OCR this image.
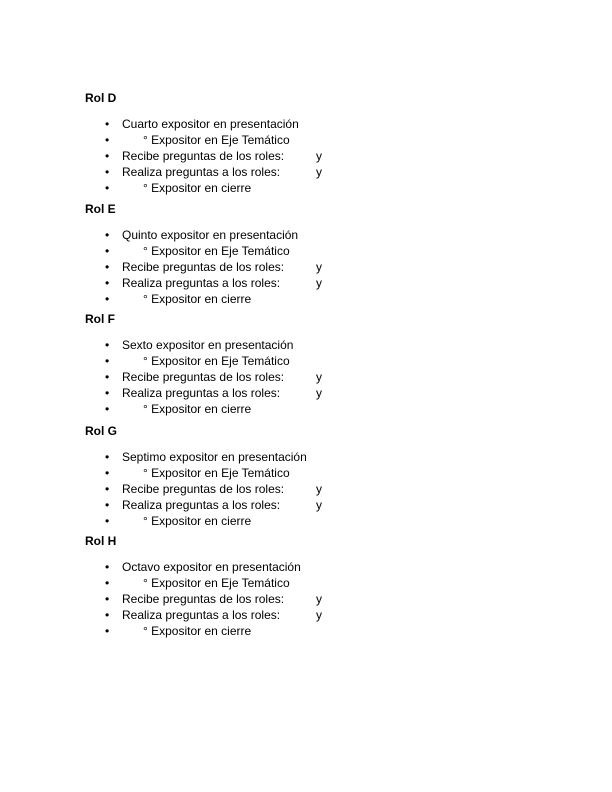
Rol D
• Cuarto expositor en presentación
•	° Expositor en Eje Temático
• Recibe preguntas de los roles:	y
• Realiza preguntas a los roles:	y
•	° Expositor en cierre
Rol E
• Quinto expositor en presentación
•	° Expositor en Eje Temático
• Recibe preguntas de los roles:	y
• Realiza preguntas a los roles:	y
•	° Expositor en cierre
Rol F
• Sexto expositor en presentación
•	° Expositor en Eje Temático
• Recibe preguntas de los roles:	y
• Realiza preguntas a los roles:	y
•	° Expositor en cierre
Rol G
• Septimo expositor en presentación
•	° Expositor en Eje Temático
• Recibe preguntas de los roles:	y
• Realiza preguntas a los roles:	y
•	° Expositor en cierre
Rol H
• Octavo expositor en presentación
•	° Expositor en Eje Temático
• Recibe preguntas de los roles:	y
• Realiza preguntas a los roles:	y
•	° Expositor en cierre
